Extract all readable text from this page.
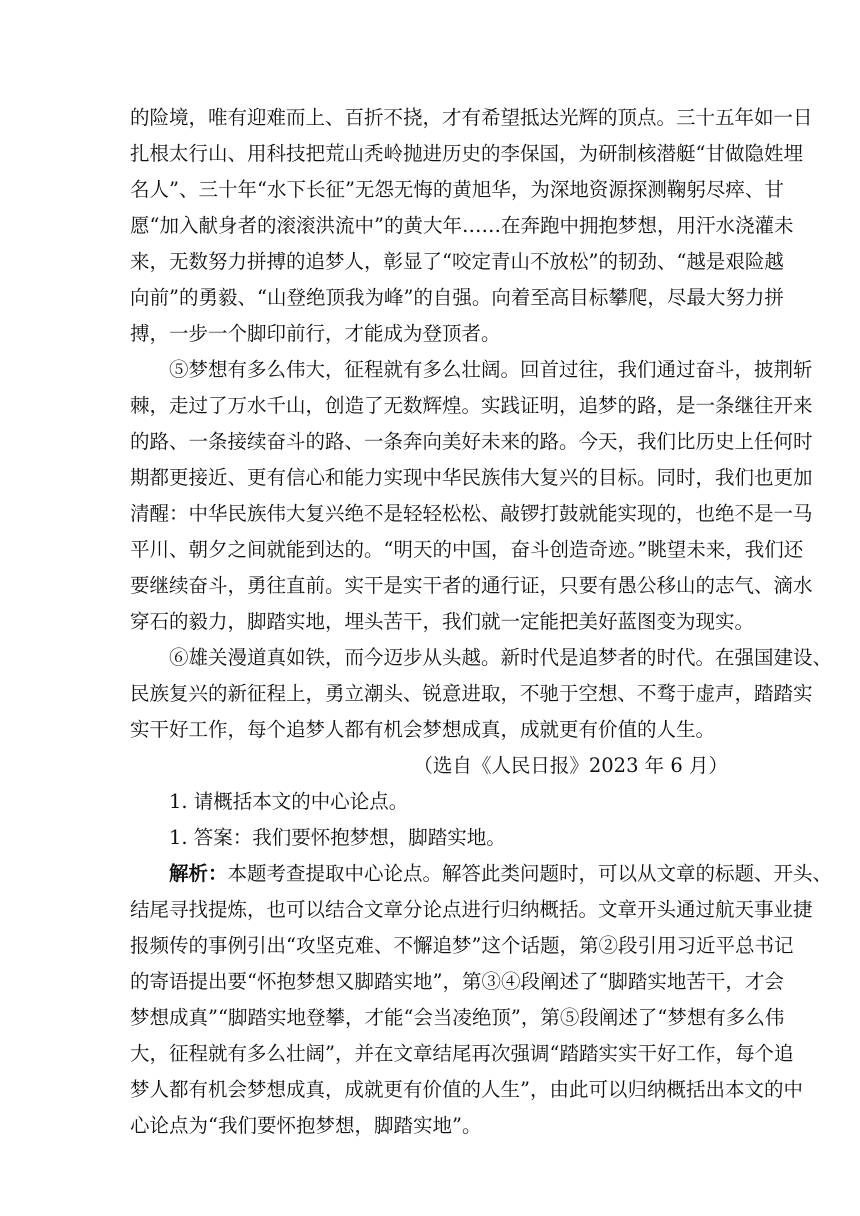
的险境，唯有迎难而上、百折不挠，才有希望抵达光辉的顶点。三十五年如一日
扎根太行山、用科技把荒山秃岭抛进历史的李保国，为研制核潜艇“甘做隐姓埋
名人”、三十年“水下长征”无怨无悔的黄旭华，为深地资源探测鞠躬尽瘁、甘
愿“加入献身者的滚滚洪流中”的黄大年……在奔跑中拥抱梦想，用汗水浇灌未
来，无数努力拼搏的追梦人，彰显了“咬定青山不放松”的韧劲、“越是艰险越
向前”的勇毅、“山登绝顶我为峰”的自强。向着至高目标攀爬，尽最大努力拼
搏，一步一个脚印前行，才能成为登顶者。
⑤梦想有多么伟大，征程就有多么壮阔。回首过往，我们通过奋斗，披荆斩
棘，走过了万水千山，创造了无数辉煌。实践证明，追梦的路，是一条继往开来
的路、一条接续奋斗的路、一条奔向美好未来的路。今天，我们比历史上任何时
期都更接近、更有信心和能力实现中华民族伟大复兴的目标。同时，我们也更加
清醒：中华民族伟大复兴绝不是轻轻松松、敲锣打鼓就能实现的，也绝不是一马
平川、朝夕之间就能到达的。“明天的中国，奋斗创造奇迹。”眺望未来，我们还
要继续奋斗，勇往直前。实干是实干者的通行证，只要有愚公移山的志气、滴水
穿石的毅力，脚踏实地，埋头苦干，我们就一定能把美好蓝图变为现实。
⑥雄关漫道真如铁，而今迈步从头越。新时代是追梦者的时代。在强国建设、
民族复兴的新征程上，勇立潮头、锐意进取，不驰于空想、不骛于虚声，踏踏实
实干好工作，每个追梦人都有机会梦想成真，成就更有价值的人生。
（选自《人民日报》2023 年 6 月）
1. 请概括本文的中心论点。
1. 答案：我们要怀抱梦想，脚踏实地。
解析：本题考查提取中心论点。解答此类问题时，可以从文章的标题、开头、
结尾寻找提炼，也可以结合文章分论点进行归纳概括。文章开头通过航天事业捷
报频传的事例引出“攻坚克难、不懈追梦”这个话题，第②段引用习近平总书记
的寄语提出要“怀抱梦想又脚踏实地”，第③④段阐述了“脚踏实地苦干，才会
梦想成真”“脚踏实地登攀，才能“会当凌绝顶”，第⑤段阐述了“梦想有多么伟
大，征程就有多么壮阔”，并在文章结尾再次强调“踏踏实实干好工作，每个追
梦人都有机会梦想成真，成就更有价值的人生”，由此可以归纳概括出本文的中
心论点为“我们要怀抱梦想，脚踏实地”。
